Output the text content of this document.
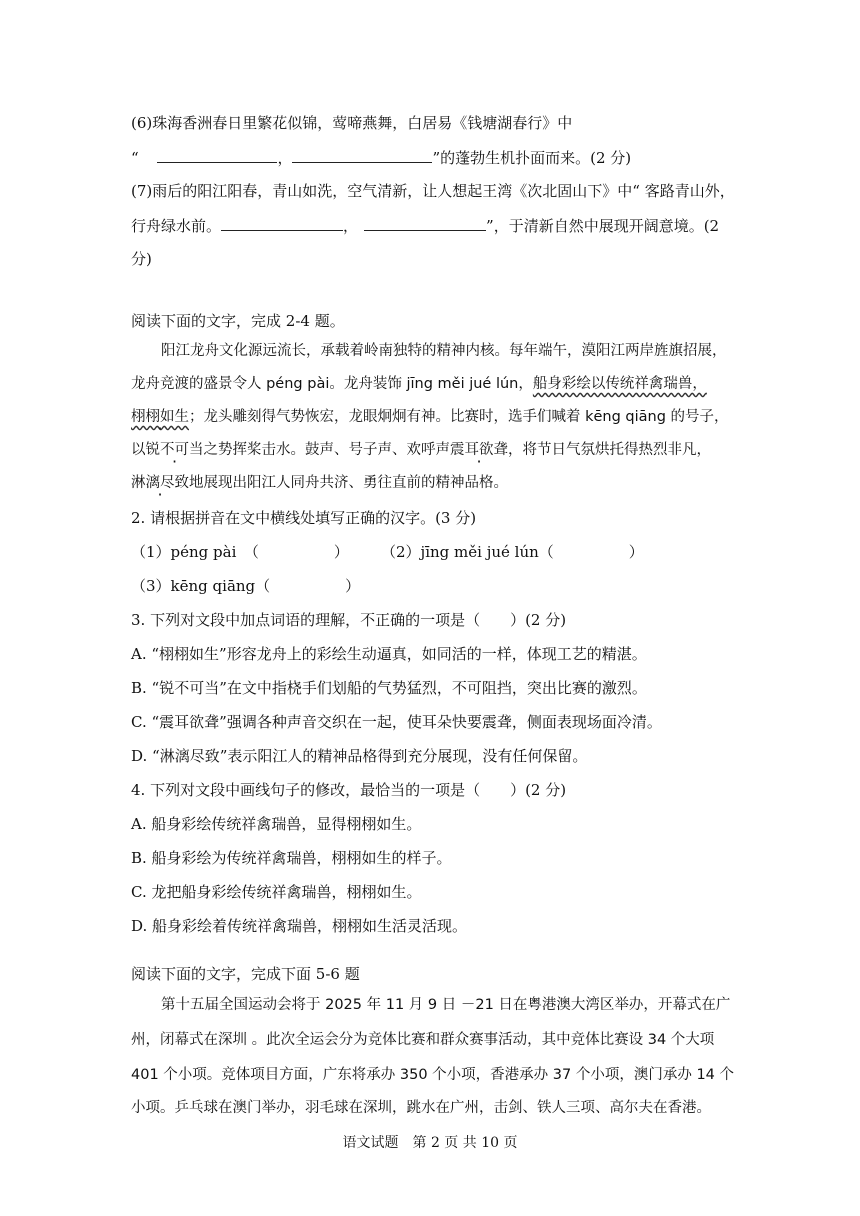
(6)珠海香洲春日里繁花似锦，莺啼燕舞，白居易《钱塘湖春行》中
“	，	”的蓬勃生机扑面而来。(2 分)
(7)雨后的阳江阳春，青山如洗，空气清新，让人想起王湾《次北固山下》中“ 客路青山外，
行舟绿水前。	，	”，于清新自然中展现开阔意境。(2
分)
阅读下面的文字，完成 2-4 题。
阳江龙舟文化源远流长，承载着岭南独特的精神内核。每年端午，漠阳江两岸旌旗招展，
龙舟竞渡的盛景令人 péng pài。龙舟装饰 jīng měi jué lún，船身彩绘以传统祥禽瑞兽，
栩栩如生；龙头雕刻得气势恢宏，龙眼炯炯有神。比赛时，选手们喊着 kēng qiāng 的号子，
以锐不可当之势挥桨击水。鼓声、号子声、欢呼声震耳欲聋，将节日气氛烘托得热烈非凡，
淋漓尽致地展现出阳江人同舟共济、勇往直前的精神品格。
2. 请根据拼音在文中横线处填写正确的汉字。(3 分)
（1）péng pài　（　　　　　） （2）jīng měi jué lún（　　　　　）
（3）kēng qiāng（　　　　　）
3. 下列对文段中加点词语的理解，不正确的一项是（　　）(2 分)
A. “栩栩如生”形容龙舟上的彩绘生动逼真，如同活的一样，体现工艺的精湛。
B. “锐不可当”在文中指桡手们划船的气势猛烈，不可阻挡，突出比赛的激烈。
C. “震耳欲聋”强调各种声音交织在一起，使耳朵快要震聋，侧面表现场面冷清。
D. “淋漓尽致”表示阳江人的精神品格得到充分展现，没有任何保留。
4. 下列对文段中画线句子的修改，最恰当的一项是（　　）(2 分)
A. 船身彩绘传统祥禽瑞兽，显得栩栩如生。
B. 船身彩绘为传统祥禽瑞兽，栩栩如生的样子。
C. 龙把船身彩绘传统祥禽瑞兽，栩栩如生。
D. 船身彩绘着传统祥禽瑞兽，栩栩如生活灵活现。
阅读下面的文字，完成下面 5-6 题
第十五届全国运动会将于 2025 年 11 月 9 日 －21 日在粤港澳大湾区举办，开幕式在广
州，闭幕式在深圳 。此次全运会分为竞体比赛和群众赛事活动，其中竞体比赛设 34 个大项
401 个小项。竞体项目方面，广东将承办 350 个小项，香港承办 37 个小项，澳门承办 14 个
小项。乒乓球在澳门举办，羽毛球在深圳，跳水在广州，击剑、铁人三项、高尔夫在香港。
语文试题　第 2 页 共 10 页
